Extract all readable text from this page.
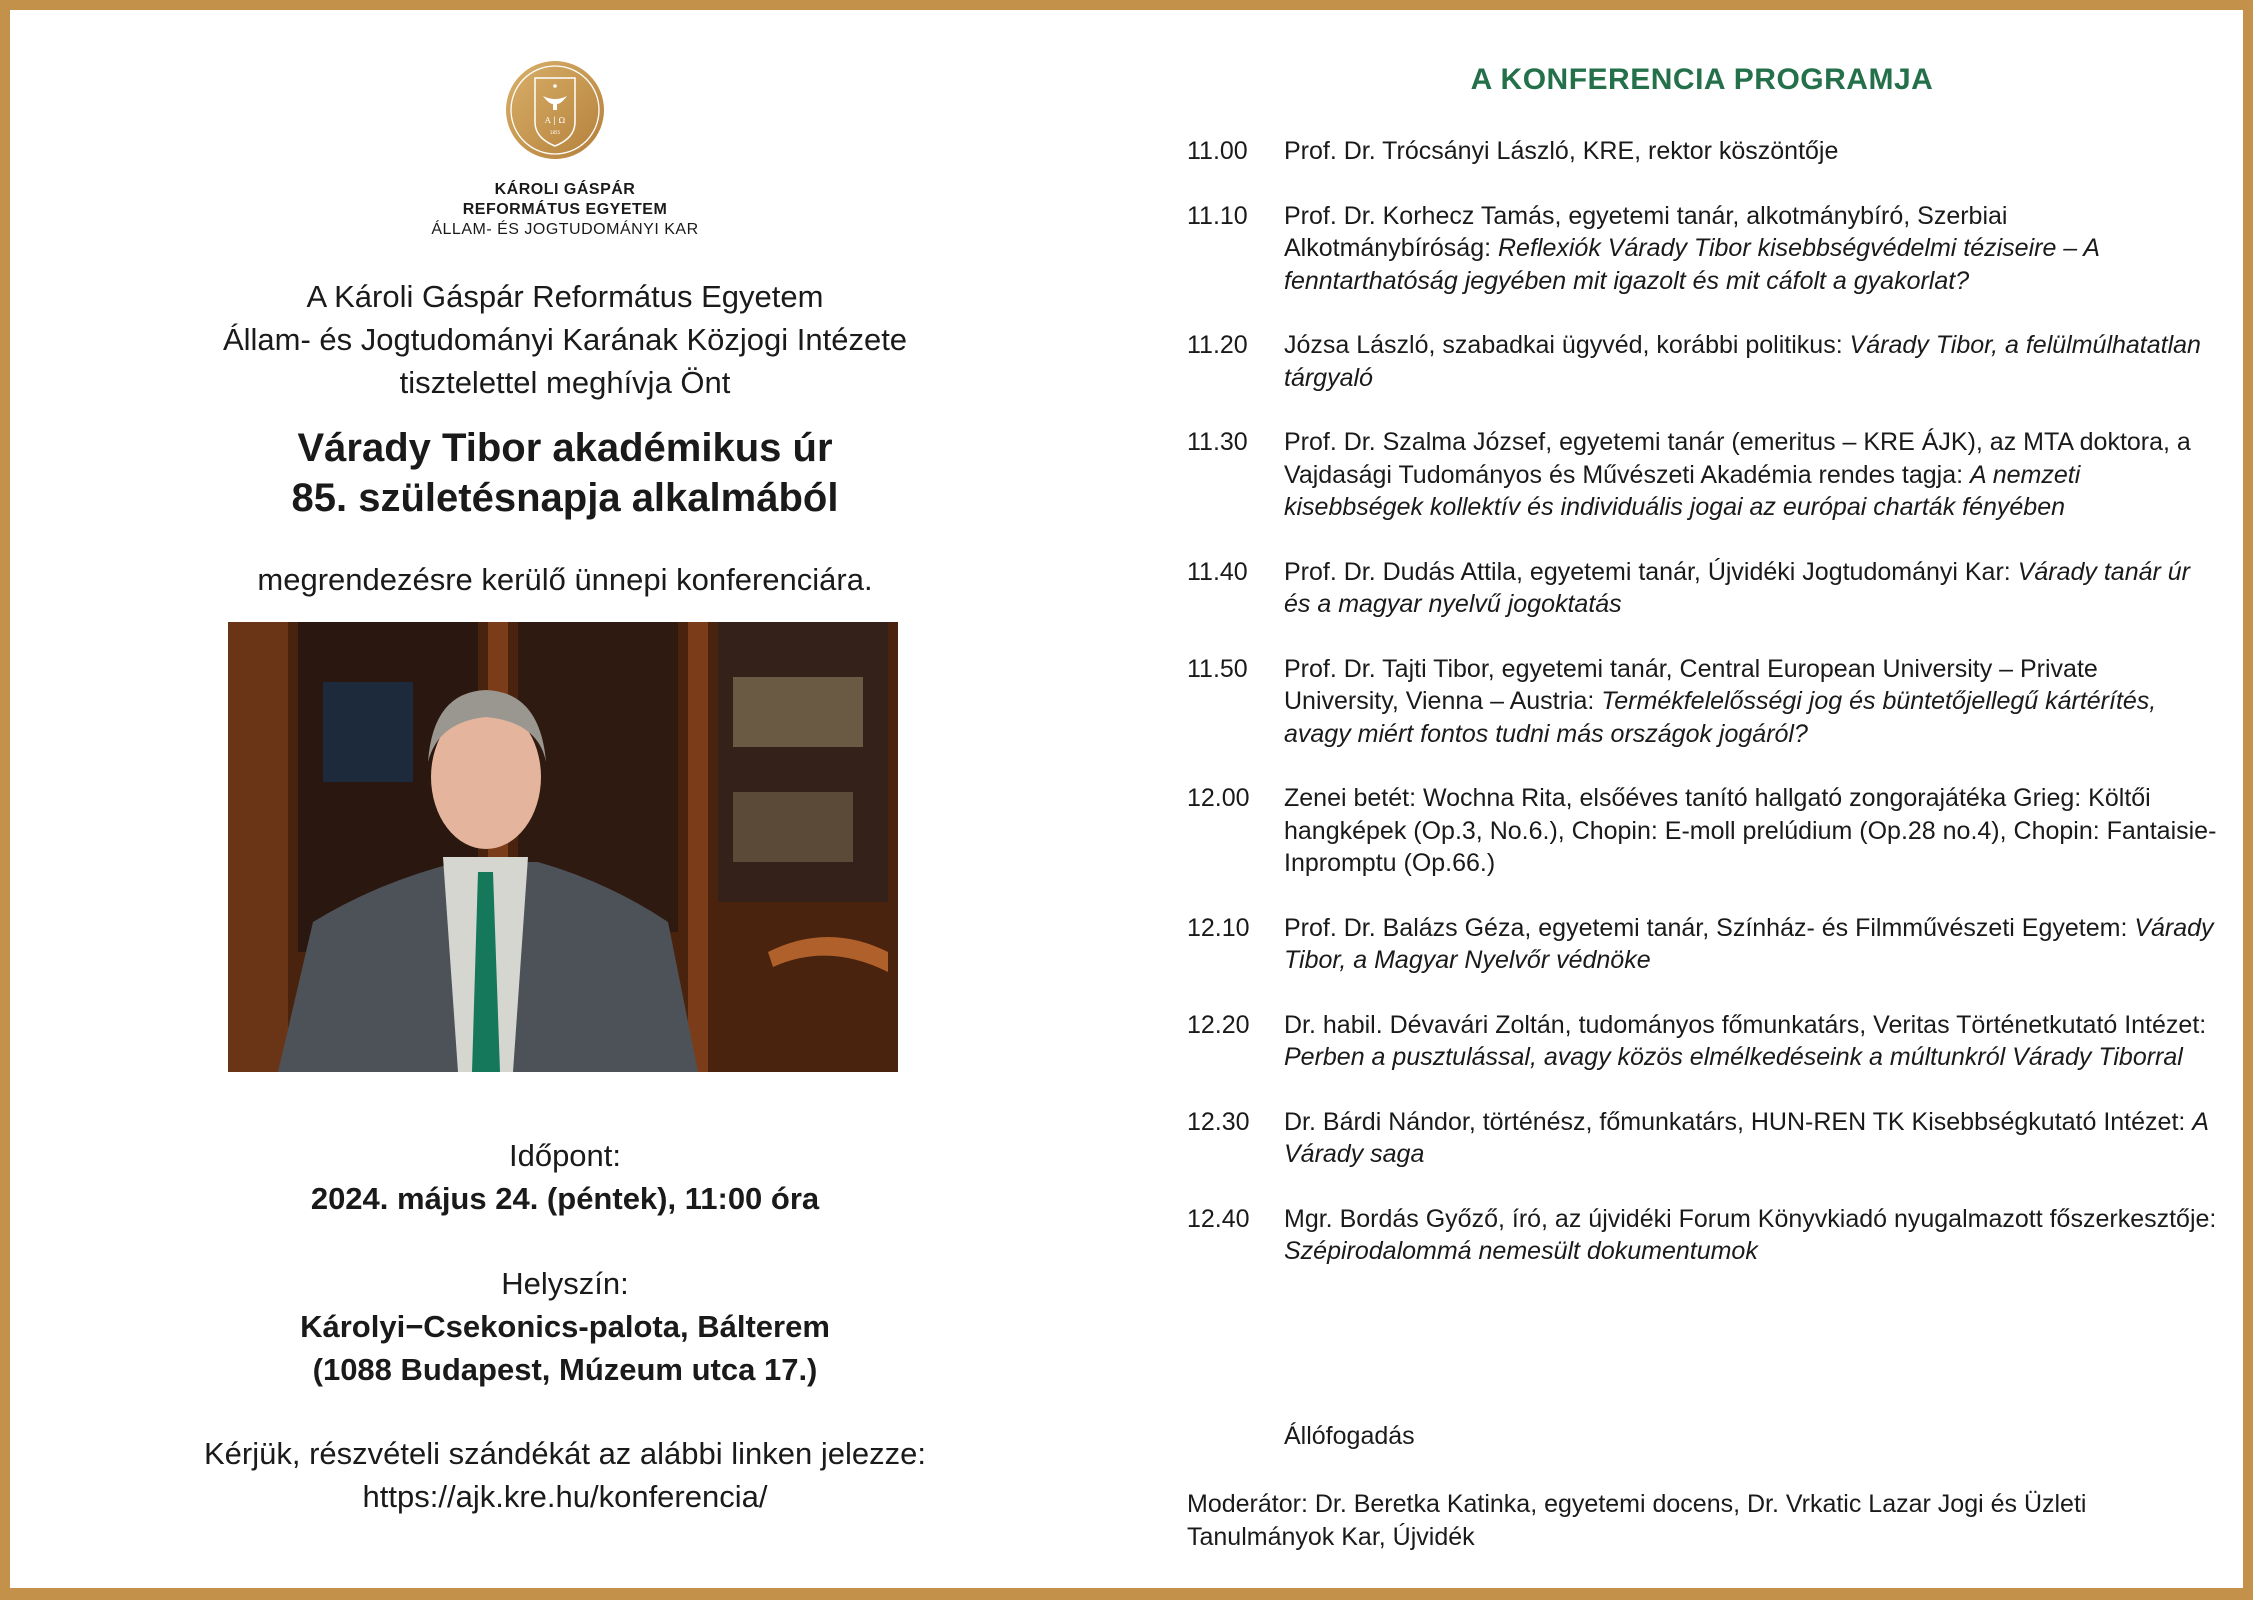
Α | Ω
1855
KÁROLI GÁSPÁR
REFORMÁTUS EGYETEM
ÁLLAM- ÉS JOGTUDOMÁNYI KAR
A Károli Gáspár Református Egyetem
Állam- és Jogtudományi Karának Közjogi Intézete
tisztelettel meghívja Önt
Várady Tibor akadémikus úr
85. születésnapja alkalmából
megrendezésre kerülő ünnepi konferenciára.
Időpont:
2024. május 24. (péntek), 11:00 óra
Helyszín:
Károlyi−Csekonics-palota, Bálterem
(1088 Budapest, Múzeum utca 17.)
Kérjük, részvételi szándékát az alábbi linken jelezze:
https://ajk.kre.hu/konferencia/
A KONFERENCIA PROGRAMJA
11.00	Prof. Dr. Trócsányi László, KRE, rektor köszöntője
11.10	Prof. Dr. Korhecz Tamás, egyetemi tanár, alkotmánybíró, Szerbiai Alkotmánybíróság: Reflexiók Várady Tibor kisebbségvédelmi téziseire – A fenntarthatóság jegyében mit igazolt és mit cáfolt a gyakorlat?
11.20	Józsa László, szabadkai ügyvéd, korábbi politikus: Várady Tibor, a felülmúlhatatlan tárgyaló
11.30	Prof. Dr. Szalma József, egyetemi tanár (emeritus – KRE ÁJK), az MTA doktora, a Vajdasági Tudományos és Művészeti Akadémia rendes tagja: A nemzeti kisebbségek kollektív és individuális jogai az európai charták fényében
11.40	Prof. Dr. Dudás Attila, egyetemi tanár, Újvidéki Jogtudományi Kar: Várady tanár úr és a magyar nyelvű jogoktatás
11.50	Prof. Dr. Tajti Tibor, egyetemi tanár, Central European University – Private University, Vienna – Austria: Termékfelelősségi jog és büntetőjellegű kártérítés, avagy miért fontos tudni más országok jogáról?
12.00	Zenei betét: Wochna Rita, elsőéves tanító hallgató zongorajátéka Grieg: Költői hangképek (Op.3, No.6.), Chopin: E-moll prelúdium (Op.28 no.4), Chopin: Fantaisie-Inpromptu (Op.66.)
12.10	Prof. Dr. Balázs Géza, egyetemi tanár, Színház- és Filmművészeti Egyetem: Várady Tibor, a Magyar Nyelvőr védnöke
12.20	Dr. habil. Dévavári Zoltán, tudományos főmunkatárs, Veritas Történetkutató Intézet: Perben a pusztulással, avagy közös elmélkedéseink a múltunkról Várady Tiborral
12.30	Dr. Bárdi Nándor, történész, főmunkatárs, HUN-REN TK Kisebbségkutató Intézet: A Várady saga
12.40	Mgr. Bordás Győző, író, az újvidéki Forum Könyvkiadó nyugalmazott főszerkesztője: Szépirodalommá nemesült dokumentumok
Állófogadás
Moderátor: Dr. Beretka Katinka, egyetemi docens, Dr. Vrkatic Lazar Jogi és Üzleti Tanulmányok Kar, Újvidék
